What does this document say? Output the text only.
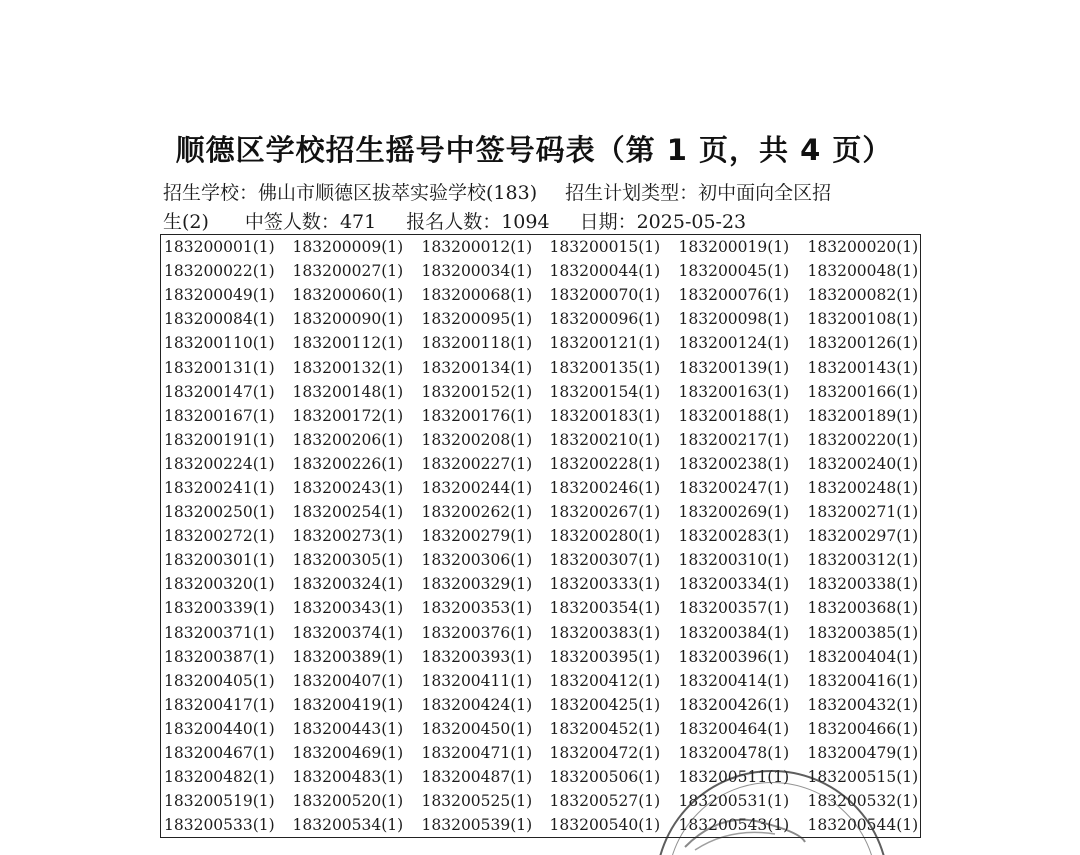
顺德区学校招生摇号中签号码表（第 1 页，共 4 页）
招生学校：佛山市顺德区拔萃实验学校(183) 招生计划类型：初中面向全区招
生(2) 中签人数：471 报名人数：1094 日期：2025-05-23
183200001(1)	183200009(1)	183200012(1)	183200015(1)	183200019(1)	183200020(1)
183200022(1)	183200027(1)	183200034(1)	183200044(1)	183200045(1)	183200048(1)
183200049(1)	183200060(1)	183200068(1)	183200070(1)	183200076(1)	183200082(1)
183200084(1)	183200090(1)	183200095(1)	183200096(1)	183200098(1)	183200108(1)
183200110(1)	183200112(1)	183200118(1)	183200121(1)	183200124(1)	183200126(1)
183200131(1)	183200132(1)	183200134(1)	183200135(1)	183200139(1)	183200143(1)
183200147(1)	183200148(1)	183200152(1)	183200154(1)	183200163(1)	183200166(1)
183200167(1)	183200172(1)	183200176(1)	183200183(1)	183200188(1)	183200189(1)
183200191(1)	183200206(1)	183200208(1)	183200210(1)	183200217(1)	183200220(1)
183200224(1)	183200226(1)	183200227(1)	183200228(1)	183200238(1)	183200240(1)
183200241(1)	183200243(1)	183200244(1)	183200246(1)	183200247(1)	183200248(1)
183200250(1)	183200254(1)	183200262(1)	183200267(1)	183200269(1)	183200271(1)
183200272(1)	183200273(1)	183200279(1)	183200280(1)	183200283(1)	183200297(1)
183200301(1)	183200305(1)	183200306(1)	183200307(1)	183200310(1)	183200312(1)
183200320(1)	183200324(1)	183200329(1)	183200333(1)	183200334(1)	183200338(1)
183200339(1)	183200343(1)	183200353(1)	183200354(1)	183200357(1)	183200368(1)
183200371(1)	183200374(1)	183200376(1)	183200383(1)	183200384(1)	183200385(1)
183200387(1)	183200389(1)	183200393(1)	183200395(1)	183200396(1)	183200404(1)
183200405(1)	183200407(1)	183200411(1)	183200412(1)	183200414(1)	183200416(1)
183200417(1)	183200419(1)	183200424(1)	183200425(1)	183200426(1)	183200432(1)
183200440(1)	183200443(1)	183200450(1)	183200452(1)	183200464(1)	183200466(1)
183200467(1)	183200469(1)	183200471(1)	183200472(1)	183200478(1)	183200479(1)
183200482(1)	183200483(1)	183200487(1)	183200506(1)	183200511(1)	183200515(1)
183200519(1)	183200520(1)	183200525(1)	183200527(1)	183200531(1)	183200532(1)
183200533(1)	183200534(1)	183200539(1)	183200540(1)	183200543(1)	183200544(1)
